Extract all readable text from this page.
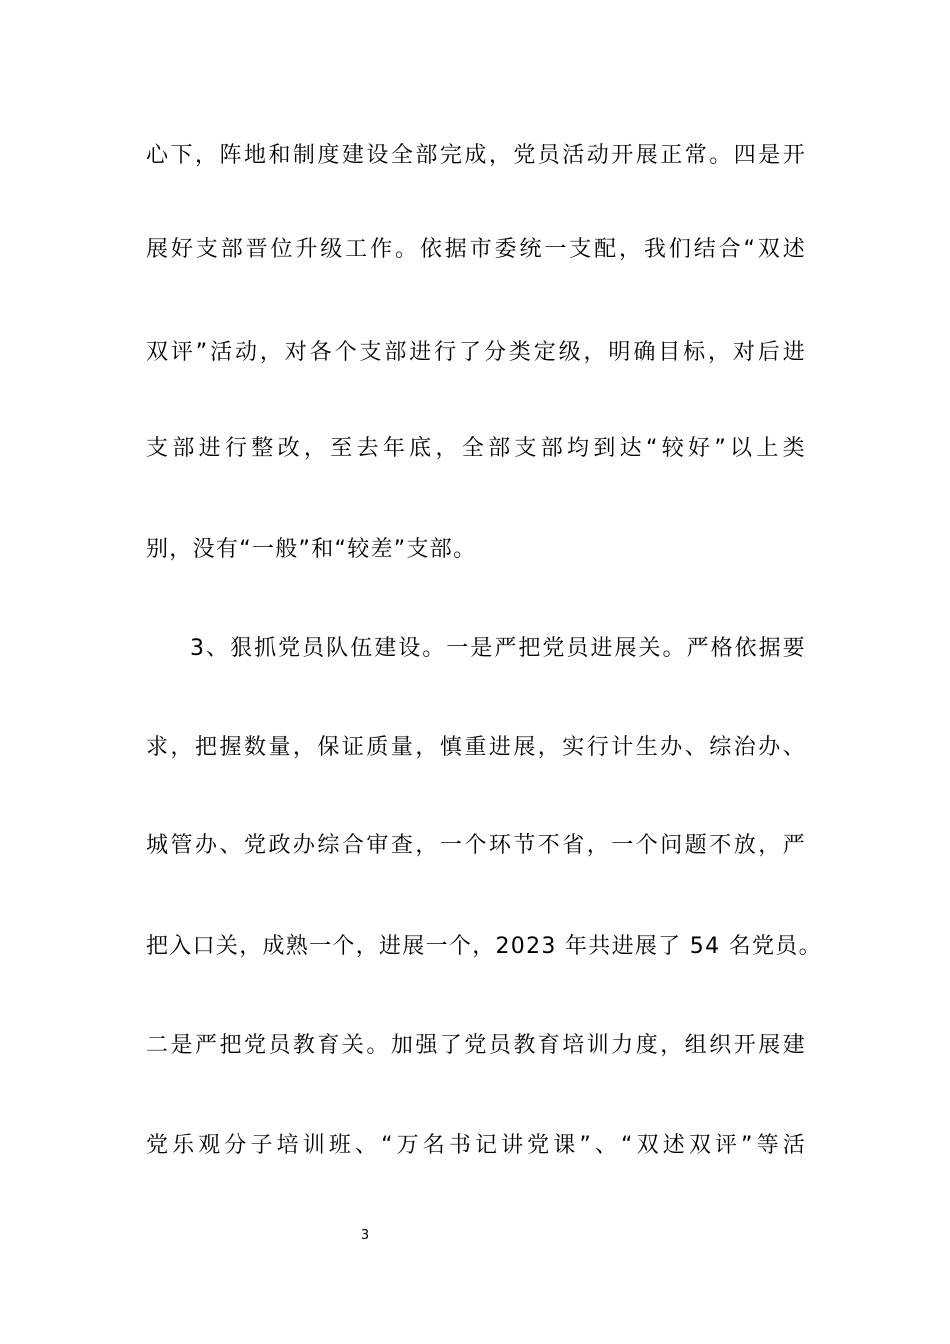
心下，阵地和制度建设全部完成，党员活动开展正常。四是开
展好支部晋位升级工作。依据市委统一支配，我们结合“双述
双评”活动，对各个支部进行了分类定级，明确目标，对后进
支部进行整改，至去年底，全部支部均到达“较好”以上类
别，没有“一般”和“较差”支部。
3、狠抓党员队伍建设。一是严把党员进展关。严格依据要
求，把握数量，保证质量，慎重进展，实行计生办、综治办、
城管办、党政办综合审查，一个环节不省，一个问题不放，严
把入口关，成熟一个，进展一个，2023 年共进展了 54 名党员。
二是严把党员教育关。加强了党员教育培训力度，组织开展建
党乐观分子培训班、“万名书记讲党课”、“双述双评”等活
3
